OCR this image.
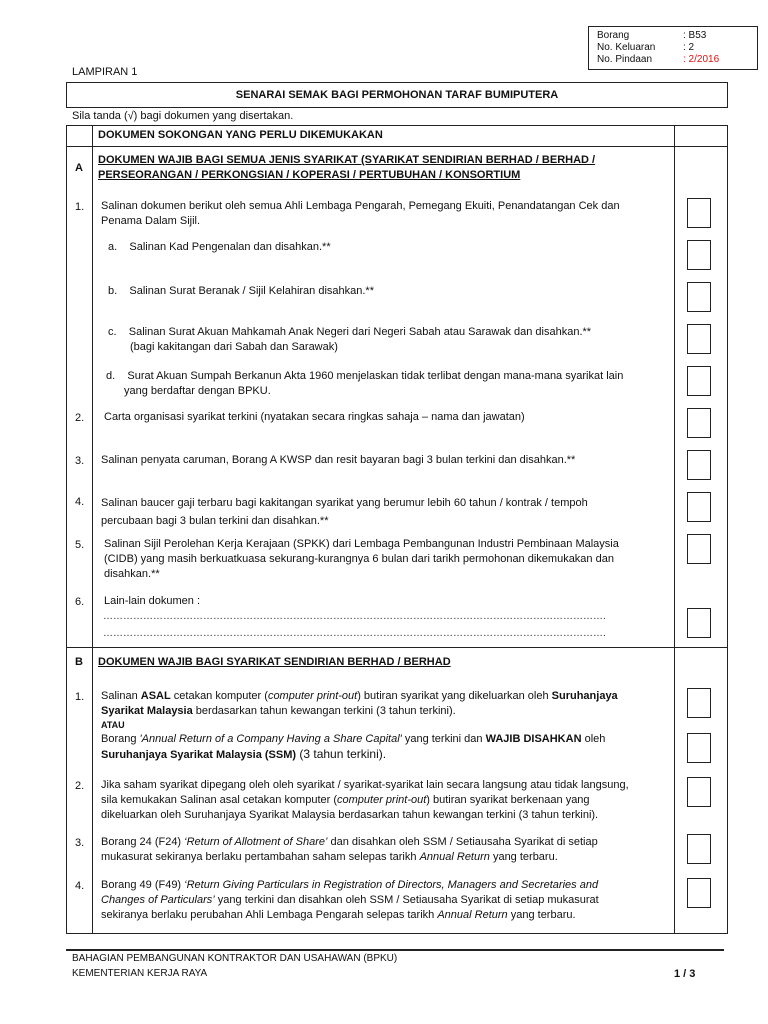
Borang	: B53
No. Keluaran	: 2
No. Pindaan	: 2/2016
LAMPIRAN 1
SENARAI SEMAK BAGI PERMOHONAN TARAF BUMIPUTERA
Sila tanda (√) bagi dokumen yang disertakan.
DOKUMEN SOKONGAN YANG PERLU DIKEMUKAKAN
A
DOKUMEN WAJIB BAGI SEMUA JENIS SYARIKAT (SYARIKAT SENDIRIAN BERHAD / BERHAD /
PERSEORANGAN / PERKONGSIAN / KOPERASI / PERTUBUHAN / KONSORTIUM
1. Salinan dokumen berikut oleh semua Ahli Lembaga Pengarah, Pemegang Ekuiti, Penandatangan Cek dan
Penama Dalam Sijil.
a.    Salinan Kad Pengenalan dan disahkan.**
b.    Salinan Surat Beranak / Sijil Kelahiran disahkan.**
c.    Salinan Surat Akuan Mahkamah Anak Negeri dari Negeri Sabah atau Sarawak dan disahkan.**
(bagi kakitangan dari Sabah dan Sarawak)
d.    Surat Akuan Sumpah Berkanun Akta 1960 menjelaskan tidak terlibat dengan mana-mana syarikat lain
yang berdaftar dengan BPKU.
2. Carta organisasi syarikat terkini (nyatakan secara ringkas sahaja – nama dan jawatan)
3. Salinan penyata caruman, Borang A KWSP dan resit bayaran bagi 3 bulan terkini dan disahkan.**
4. Salinan baucer gaji terbaru bagi kakitangan syarikat yang berumur lebih 60 tahun / kontrak / tempoh
percubaan bagi 3 bulan terkini dan disahkan.**
5. Salinan Sijil Perolehan Kerja Kerajaan (SPKK) dari Lembaga Pembangunan Industri Pembinaan Malaysia
(CIDB) yang masih berkuatkuasa sekurang-kurangnya 6 bulan dari tarikh permohonan dikemukakan dan
disahkan.**
6. Lain-lain dokumen :
…………………………………………………………………………………………………………………………………….
…………………………………………………………………………………………………………………………………….
B DOKUMEN WAJIB BAGI SYARIKAT SENDIRIAN BERHAD / BERHAD
1. Salinan ASAL cetakan komputer (computer print-out) butiran syarikat yang dikeluarkan oleh Suruhanjaya
Syarikat Malaysia berdasarkan tahun kewangan terkini (3 tahun terkini).
ATAU
Borang 'Annual Return of a Company Having a Share Capital' yang terkini dan WAJIB DISAHKAN oleh
Suruhanjaya Syarikat Malaysia (SSM) (3 tahun terkini).
2. Jika saham syarikat dipegang oleh oleh syarikat / syarikat-syarikat lain secara langsung atau tidak langsung,
sila kemukakan Salinan asal cetakan komputer (computer print-out) butiran syarikat berkenaan yang
dikeluarkan oleh Suruhanjaya Syarikat Malaysia berdasarkan tahun kewangan terkini (3 tahun terkini).
3. Borang 24 (F24) ‘Return of Allotment of Share’ dan disahkan oleh SSM / Setiausaha Syarikat di setiap
mukasurat sekiranya berlaku pertambahan saham selepas tarikh Annual Return yang terbaru.
4. Borang 49 (F49) ‘Return Giving Particulars in Registration of Directors, Managers and Secretaries and
Changes of Particulars’ yang terkini dan disahkan oleh SSM / Setiausaha Syarikat di setiap mukasurat
sekiranya berlaku perubahan Ahli Lembaga Pengarah selepas tarikh Annual Return yang terbaru.
BAHAGIAN PEMBANGUNAN KONTRAKTOR DAN USAHAWAN (BPKU)
KEMENTERIAN KERJA RAYA	1 / 3
